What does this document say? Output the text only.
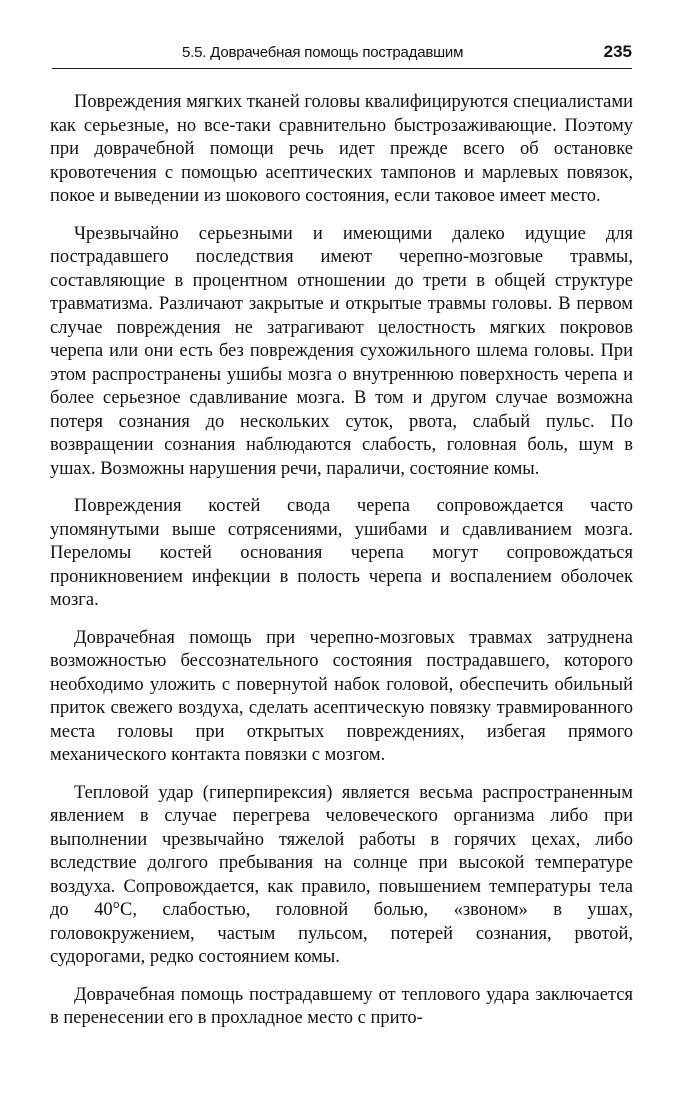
5.5. Доврачебная помощь пострадавшим	235

Повреждения мягких тканей головы квалифицируются специалистами как серьезные, но все-таки сравнительно быстрозаживающие. Поэтому при доврачебной помощи речь идет прежде всего об остановке кровотечения с помощью асептических тампонов и марлевых повязок, покое и выведении из шокового состояния, если таковое имеет место.

Чрезвычайно серьезными и имеющими далеко идущие для пострадавшего последствия имеют черепно-мозговые травмы, составляющие в процентном отношении до трети в общей структуре травматизма. Различают закрытые и открытые травмы головы. В первом случае повреждения не затрагивают целостность мягких покровов черепа или они есть без повреждения сухожильного шлема головы. При этом распространены ушибы мозга о внутреннюю поверхность черепа и более серьезное сдавливание мозга. В том и другом случае возможна потеря сознания до нескольких суток, рвота, слабый пульс. По возвращении сознания наблюдаются слабость, головная боль, шум в ушах. Возможны нарушения речи, параличи, состояние комы.

Повреждения костей свода черепа сопровождается часто упомянутыми выше сотрясениями, ушибами и сдавливанием мозга. Переломы костей основания черепа могут сопровождаться проникновением инфекции в полость черепа и воспалением оболочек мозга.

Доврачебная помощь при черепно-мозговых травмах затруднена возможностью бессознательного состояния пострадавшего, которого необходимо уложить с повернутой набок головой, обеспечить обильный приток свежего воздуха, сделать асептическую повязку травмированного места головы при открытых повреждениях, избегая прямого механического контакта повязки с мозгом.

Тепловой удар (гиперпирексия) является весьма распространенным явлением в случае перегрева человеческого организма либо при выполнении чрезвычайно тяжелой работы в горячих цехах, либо вследствие долгого пребывания на солнце при высокой температуре воздуха. Сопровождается, как правило, повышением температуры тела до 40°С, слабостью, головной болью, «звоном» в ушах, головокружением, частым пульсом, потерей сознания, рвотой, судорогами, редко состоянием комы.

Доврачебная помощь пострадавшему от теплового удара заключается в перенесении его в прохладное место с прито-
